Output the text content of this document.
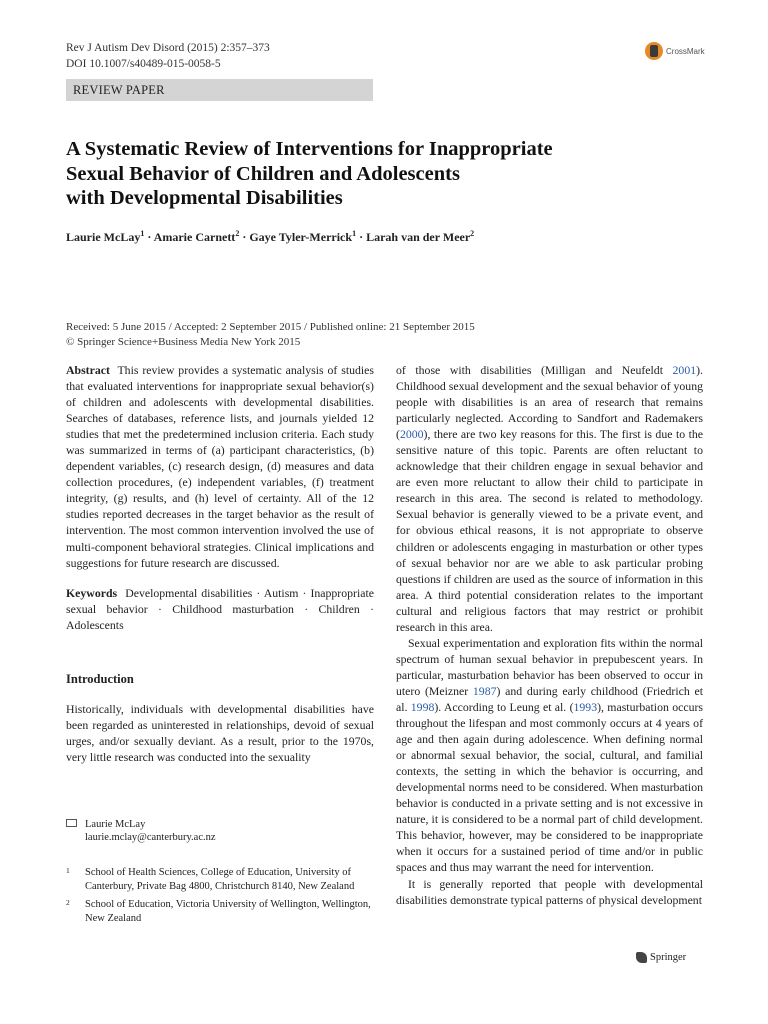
Rev J Autism Dev Disord (2015) 2:357–373
DOI 10.1007/s40489-015-0058-5
CrossMark
REVIEW PAPER
A Systematic Review of Interventions for Inappropriate
Sexual Behavior of Children and Adolescents
with Developmental Disabilities
Laurie McLay$^1$ · Amarie Carnett$^2$ · Gaye Tyler-Merrick$^1$ · Larah van der Meer$^2$
Received: 5 June 2015 / Accepted: 2 September 2015 / Published online: 21 September 2015
© Springer Science+Business Media New York 2015

Abstract This review provides a systematic analysis of studies that evaluated interventions for inappropriate sexual behavior(s) of children and adolescents with developmental disabilities. Searches of databases, reference lists, and journals yielded 12 studies that met the predetermined inclusion criteria. Each study was summarized in terms of (a) participant characteristics, (b) dependent variables, (c) research design, (d) measures and data collection procedures, (e) independent variables, (f) treatment integrity, (g) results, and (h) level of certainty. All of the 12 studies reported decreases in the target behavior as the result of intervention. The most common intervention involved the use of multi-component behavioral strategies. Clinical implications and suggestions for future research are discussed.

Keywords Developmental disabilities · Autism · Inappropriate sexual behavior · Childhood masturbation · Children · Adolescents

Introduction

Historically, individuals with developmental disabilities have been regarded as uninterested in relationships, devoid of sexual urges, and/or sexually deviant. As a result, prior to the 1970s, very little research was conducted into the sexuality

of those with disabilities (Milligan and Neufeldt 2001). Childhood sexual development and the sexual behavior of young people with disabilities is an area of research that remains particularly neglected. According to Sandfort and Rademakers (2000), there are two key reasons for this. The first is due to the sensitive nature of this topic. Parents are often reluctant to acknowledge that their children engage in sexual behavior and are even more reluctant to allow their child to participate in research in this area. The second is related to methodology. Sexual behavior is generally viewed to be a private event, and for obvious ethical reasons, it is not appropriate to observe children or adolescents engaging in masturbation or other types of sexual behavior nor are we able to ask particular probing questions if children are used as the source of information in this area. A third potential consideration relates to the important cultural and religious factors that may restrict or prohibit research in this area.

Sexual experimentation and exploration fits within the normal spectrum of human sexual behavior in prepubescent years. In particular, masturbation behavior has been observed to occur in utero (Meizner 1987) and during early childhood (Friedrich et al. 1998). According to Leung et al. (1993), masturbation occurs throughout the lifespan and most commonly occurs at 4 years of age and then again during adolescence. When defining normal or abnormal sexual behavior, the social, cultural, and familial contexts, the setting in which the behavior is occurring, and developmental norms need to be considered. When masturbation behavior is conducted in a private setting and is not excessive in nature, it is considered to be a normal part of child development. This behavior, however, may be considered to be inappropriate when it occurs for a sustained period of time and/or in public spaces and thus may warrant the need for intervention.

It is generally reported that people with developmental disabilities demonstrate typical patterns of physical development

Laurie McLay
laurie.mclay@canterbury.ac.nz
1 School of Health Sciences, College of Education, University of Canterbury, Private Bag 4800, Christchurch 8140, New Zealand
2 School of Education, Victoria University of Wellington, Wellington, New Zealand
Springer
